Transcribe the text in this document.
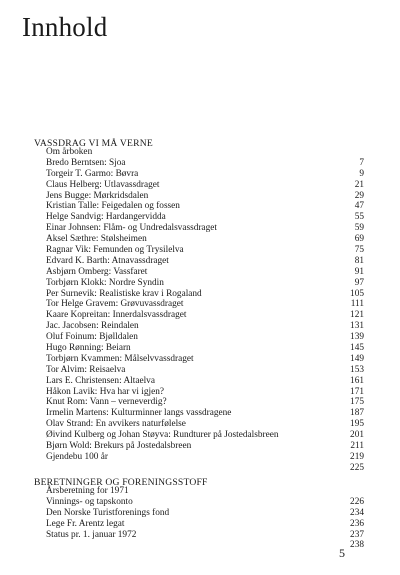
Innhold
VASSDRAG VI MÅ VERNE
Om årboken
Bredo Berntsen: Sjoa	7
Torgeir T. Garmo: Bøvra	9
Claus Helberg: Utlavassdraget	21
Jens Bugge: Mørkridsdalen	29
Kristian Talle: Feigedalen og fossen	47
Helge Sandvig: Hardangervidda	55
Einar Johnsen: Flåm- og Undredalsvassdraget	59
Aksel Sæthre: Stølsheimen	69
Ragnar Vik: Femunden og Trysilelva	75
Edvard K. Barth: Atnavassdraget	81
Asbjørn Omberg: Vassfaret	91
Torbjørn Klokk: Nordre Syndin	97
Per Surnevik: Realistiske krav i Rogaland	105
Tor Helge Gravem: Grøvuvassdraget	111
Kaare Kopreitan: Innerdalsvassdraget	121
Jac. Jacobsen: Reindalen	131
Oluf Foinum: Bjølldalen	139
Hugo Rønning: Beiarn	145
Torbjørn Kvammen: Målselvvassdraget	149
Tor Alvim: Reisaelva	153
Lars E. Christensen: Altaelva	161
Håkon Lavik: Hva har vi igjen?	171
Knut Rom: Vann – verneverdig?	175
Irmelin Martens: Kulturminner langs vassdragene	187
Olav Strand: En avvikers naturfølelse	195
Øivind Kulberg og Johan Støyva: Rundturer på Jostedalsbreen	201
Bjørn Wold: Brekurs på Jostedalsbreen	211
Gjendebu 100 år	219
225
BERETNINGER OG FORENINGSSTOFF
Årsberetning for 1971
Vinnings- og tapskonto	226
Den Norske Turistforenings fond	234
Lege Fr. Arentz legat	236
Status pr. 1. januar 1972	237
238
5
